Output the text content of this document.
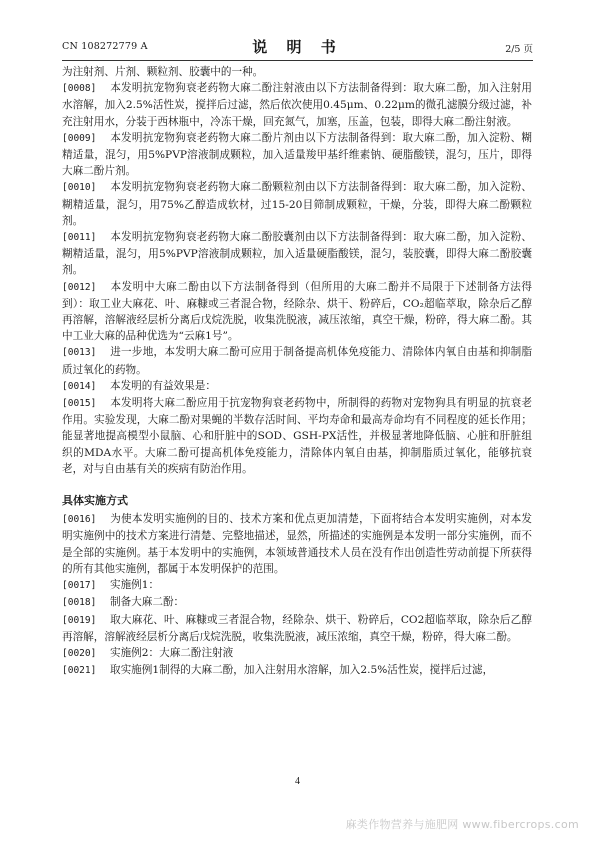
CN 108272779 A	说 明 书	2/5 页

为注射剂、片剂、颗粒剂、胶囊中的一种。

[0008] 本发明抗宠物狗衰老药物大麻二酚注射液由以下方法制备得到：取大麻二酚，加入注射用水溶解，加入2.5%活性炭，搅拌后过滤，然后依次使用0.45μm、0.22μm的微孔滤膜分级过滤，补充注射用水，分装于西林瓶中，冷冻干燥，回充氮气，加塞，压盖，包装，即得大麻二酚注射液。

[0009] 本发明抗宠物狗衰老药物大麻二酚片剂由以下方法制备得到：取大麻二酚，加入淀粉、糊精适量，混匀，用5%PVP溶液制成颗粒，加入适量羧甲基纤维素钠、硬脂酸镁，混匀，压片，即得大麻二酚片剂。

[0010] 本发明抗宠物狗衰老药物大麻二酚颗粒剂由以下方法制备得到：取大麻二酚，加入淀粉、糊精适量，混匀，用75%乙醇造成软材，过15-20目筛制成颗粒，干燥，分装，即得大麻二酚颗粒剂。

[0011] 本发明抗宠物狗衰老药物大麻二酚胶囊剂由以下方法制备得到：取大麻二酚，加入淀粉、糊精适量，混匀，用5%PVP溶液制成颗粒，加入适量硬脂酸镁，混匀，装胶囊，即得大麻二酚胶囊剂。

[0012] 本发明中大麻二酚由以下方法制备得到（但所用的大麻二酚并不局限于下述制备方法得到）：取工业大麻花、叶、麻糠或三者混合物，经除杂、烘干、粉碎后，CO₂超临萃取，除杂后乙醇再溶解，溶解液经层析分离后戊烷洗脱，收集洗脱液，减压浓缩，真空干燥，粉碎，得大麻二酚。其中工业大麻的品种优选为“云麻1号”。

[0013] 进一步地，本发明大麻二酚可应用于制备提高机体免疫能力、清除体内氧自由基和抑制脂质过氧化的药物。

[0014] 本发明的有益效果是：

[0015] 本发明将大麻二酚应用于抗宠物狗衰老药物中，所制得的药物对宠物狗具有明显的抗衰老作用。实验发现，大麻二酚对果蝇的半数存活时间、平均寿命和最高寿命均有不同程度的延长作用；能显著地提高模型小鼠脑、心和肝脏中的SOD、GSH-PX活性，并极显著地降低脑、心脏和肝脏组织的MDA水平。大麻二酚可提高机体免疫能力，清除体内氧自由基，抑制脂质过氧化，能够抗衰老，对与自由基有关的疾病有防治作用。

具体实施方式

[0016] 为使本发明实施例的目的、技术方案和优点更加清楚，下面将结合本发明实施例，对本发明实施例中的技术方案进行清楚、完整地描述，显然，所描述的实施例是本发明一部分实施例，而不是全部的实施例。基于本发明中的实施例，本领域普通技术人员在没有作出创造性劳动前提下所获得的所有其他实施例，都属于本发明保护的范围。

[0017] 实施例1：

[0018] 制备大麻二酚：

[0019] 取大麻花、叶、麻糠或三者混合物，经除杂、烘干、粉碎后，CO2超临萃取，除杂后乙醇再溶解，溶解液经层析分离后戊烷洗脱，收集洗脱液，减压浓缩，真空干燥，粉碎，得大麻二酚。

[0020] 实施例2：大麻二酚注射液

[0021] 取实施例1制得的大麻二酚，加入注射用水溶解，加入2.5%活性炭，搅拌后过滤，

4
麻类作物营养与施肥网 www.fibercrops.com
